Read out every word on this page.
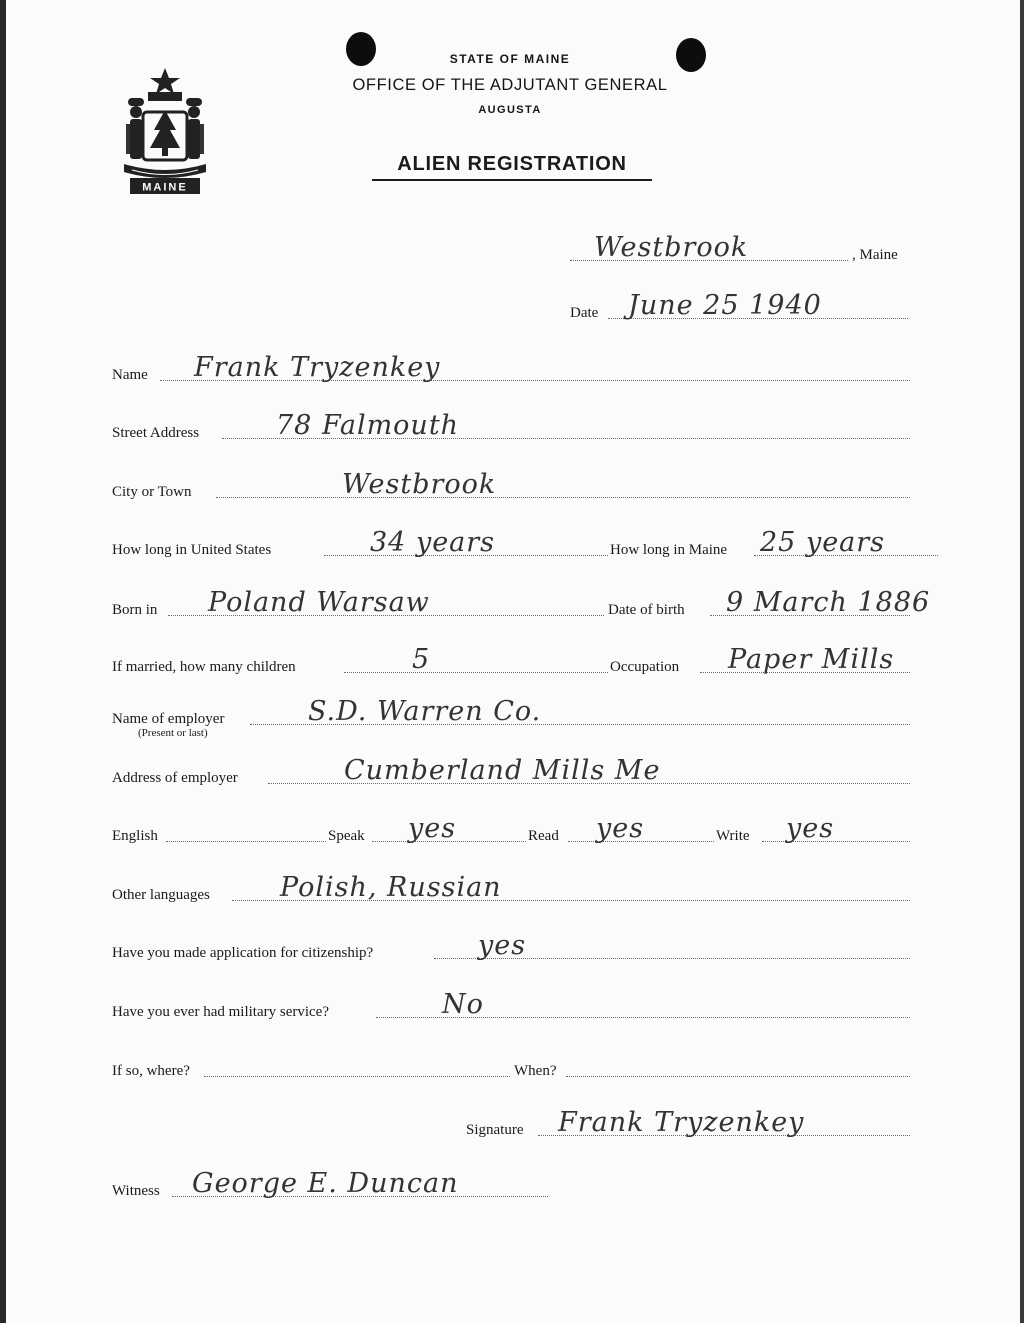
MAINE
STATE OF MAINE
OFFICE OF THE ADJUTANT GENERAL
AUGUSTA
ALIEN REGISTRATION
Westbrook	, Maine
Date June 25 1940
Name Frank Tryzenkey
Street Address	78 Falmouth
City or Town	Westbrook
How long in United States	34 years	How long in Maine 25 years
Born in Poland Warsaw	Date of birth 9 March 1886
If married, how many children	5	Occupation Paper Mills
Name of employer	S.D. Warren Co.
(Present or last)
Address of employer	Cumberland Mills Me
English	Speak yes	Read yes	Write yes
Other languages	Polish, Russian
Have you made application for citizenship?	yes
Have you ever had military service?	No
If so, where?	When?
Signature Frank Tryzenkey
Witness George E. Duncan
